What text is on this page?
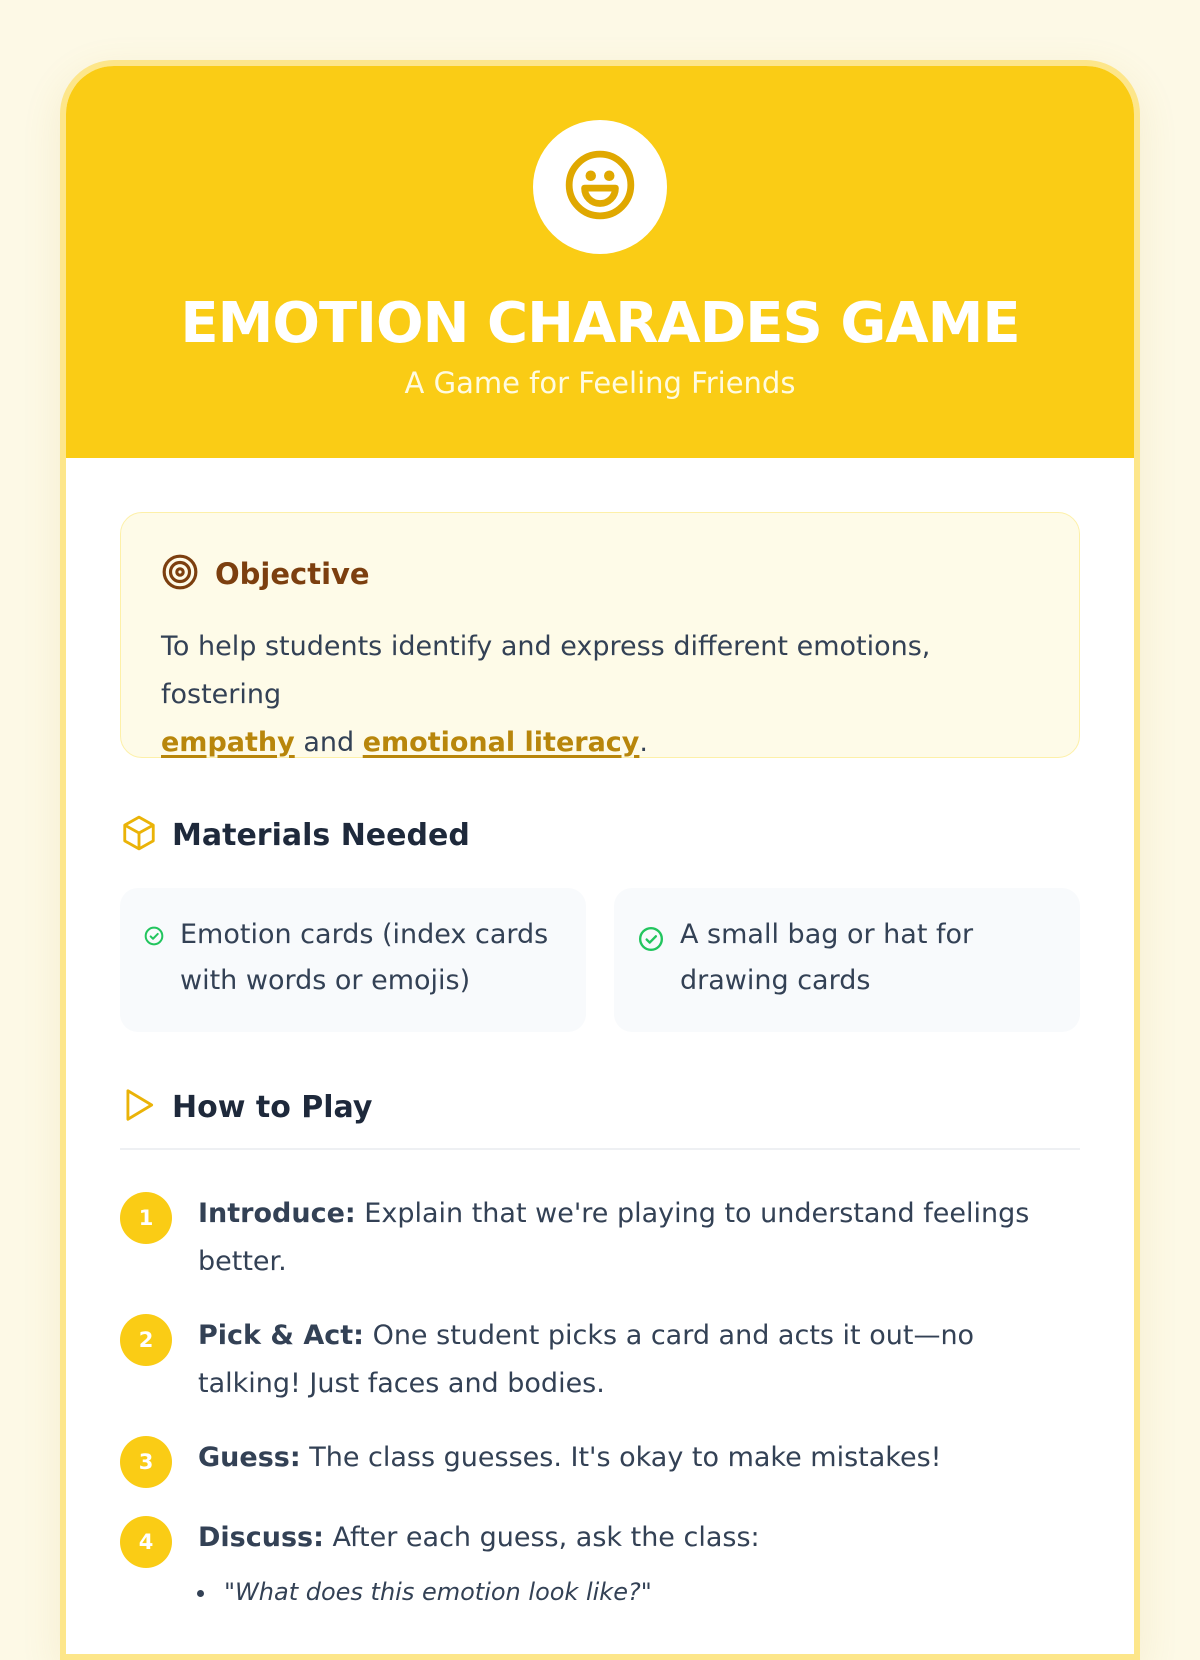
EMOTION CHARADES GAME
A Game for Feeling Friends
Objective

To help students identify and express different emotions, fostering
empathy and emotional literacy.

Materials Needed
Emotion cards (index cards with words or emojis)
A small bag or hat for drawing cards
How to Play
1	Introduce: Explain that we're playing to understand feelings better.
2	Pick & Act: One student picks a card and acts it out—no talking! Just faces and bodies.
3	Guess: The class guesses. It's okay to make mistakes!
4	Discuss: After each guess, ask the class:
• "What does this emotion look like?"
